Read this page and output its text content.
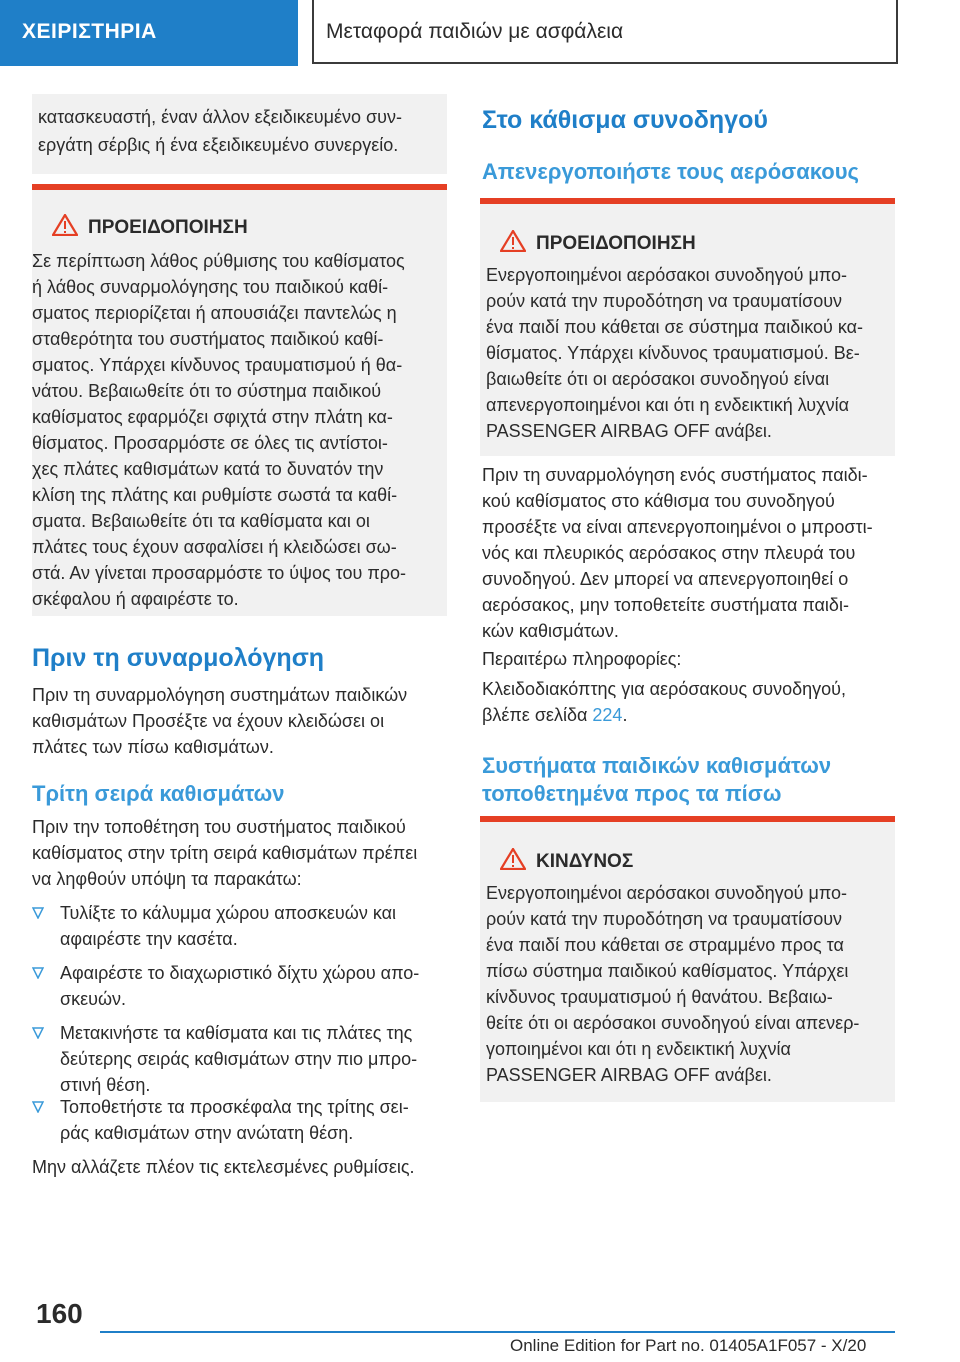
ΧΕΙΡΙΣΤΗΡΙΑ	Μεταφορά παιδιών με ασφάλεια
κατασκευαστή, έναν άλλον εξειδικευμένο συν-
εργάτη σέρβις ή ένα εξειδικευμένο συνεργείο.
ΠΡΟΕΙΔΟΠΟΙΗΣΗ
Σε περίπτωση λάθος ρύθμισης του καθίσματος
ή λάθος συναρμολόγησης του παιδικού καθί-
σματος περιορίζεται ή απουσιάζει παντελώς η
σταθερότητα του συστήματος παιδικού καθί-
σματος. Υπάρχει κίνδυνος τραυματισμού ή θα-
νάτου. Βεβαιωθείτε ότι το σύστημα παιδικού
καθίσματος εφαρμόζει σφιχτά στην πλάτη κα-
θίσματος. Προσαρμόστε σε όλες τις αντίστοι-
χες πλάτες καθισμάτων κατά το δυνατόν την
κλίση της πλάτης και ρυθμίστε σωστά τα καθί-
σματα. Βεβαιωθείτε ότι τα καθίσματα και οι
πλάτες τους έχουν ασφαλίσει ή κλειδώσει σω-
στά. Αν γίνεται προσαρμόστε το ύψος του προ-
σκέφαλου ή αφαιρέστε το.
Πριν τη συναρμολόγηση
Πριν τη συναρμολόγηση συστημάτων παιδικών
καθισμάτων Προσέξτε να έχουν κλειδώσει οι
πλάτες των πίσω καθισμάτων.
Τρίτη σειρά καθισμάτων
Πριν την τοποθέτηση του συστήματος παιδικού
καθίσματος στην τρίτη σειρά καθισμάτων πρέπει
να ληφθούν υπόψη τα παρακάτω:
Τυλίξτε το κάλυμμα χώρου αποσκευών και
αφαιρέστε την κασέτα.
Αφαιρέστε το διαχωριστικό δίχτυ χώρου απο-
σκευών.
Μετακινήστε τα καθίσματα και τις πλάτες της
δεύτερης σειράς καθισμάτων στην πιο μπρο-
στινή θέση.
Τοποθετήστε τα προσκέφαλα της τρίτης σει-
ράς καθισμάτων στην ανώτατη θέση.
Μην αλλάζετε πλέον τις εκτελεσμένες ρυθμίσεις.
Στο κάθισμα συνοδηγού
Απενεργοποιήστε τους αερόσακους
ΠΡΟΕΙΔΟΠΟΙΗΣΗ
Ενεργοποιημένοι αερόσακοι συνοδηγού μπο-
ρούν κατά την πυροδότηση να τραυματίσουν
ένα παιδί που κάθεται σε σύστημα παιδικού κα-
θίσματος. Υπάρχει κίνδυνος τραυματισμού. Βε-
βαιωθείτε ότι οι αερόσακοι συνοδηγού είναι
απενεργοποιημένοι και ότι η ενδεικτική λυχνία
PASSENGER AIRBAG OFF ανάβει.
Πριν τη συναρμολόγηση ενός συστήματος παιδι-
κού καθίσματος στο κάθισμα του συνοδηγού
προσέξτε να είναι απενεργοποιημένοι ο μπροστι-
νός και πλευρικός αερόσακος στην πλευρά του
συνοδηγού. Δεν μπορεί να απενεργοποιηθεί ο
αερόσακος, μην τοποθετείτε συστήματα παιδι-
κών καθισμάτων.
Περαιτέρω πληροφορίες:
Κλειδοδιακόπτης για αερόσακους συνοδηγού,
βλέπε σελίδα 224.
Συστήματα παιδικών καθισμάτων
τοποθετημένα προς τα πίσω
ΚΙΝΔΥΝΟΣ
Ενεργοποιημένοι αερόσακοι συνοδηγού μπο-
ρούν κατά την πυροδότηση να τραυματίσουν
ένα παιδί που κάθεται σε στραμμένο προς τα
πίσω σύστημα παιδικού καθίσματος. Υπάρχει
κίνδυνος τραυματισμού ή θανάτου. Βεβαιω-
θείτε ότι οι αερόσακοι συνοδηγού είναι απενερ-
γοποιημένοι και ότι η ενδεικτική λυχνία
PASSENGER AIRBAG OFF ανάβει.
160
Online Edition for Part no. 01405A1F057 - X/20
